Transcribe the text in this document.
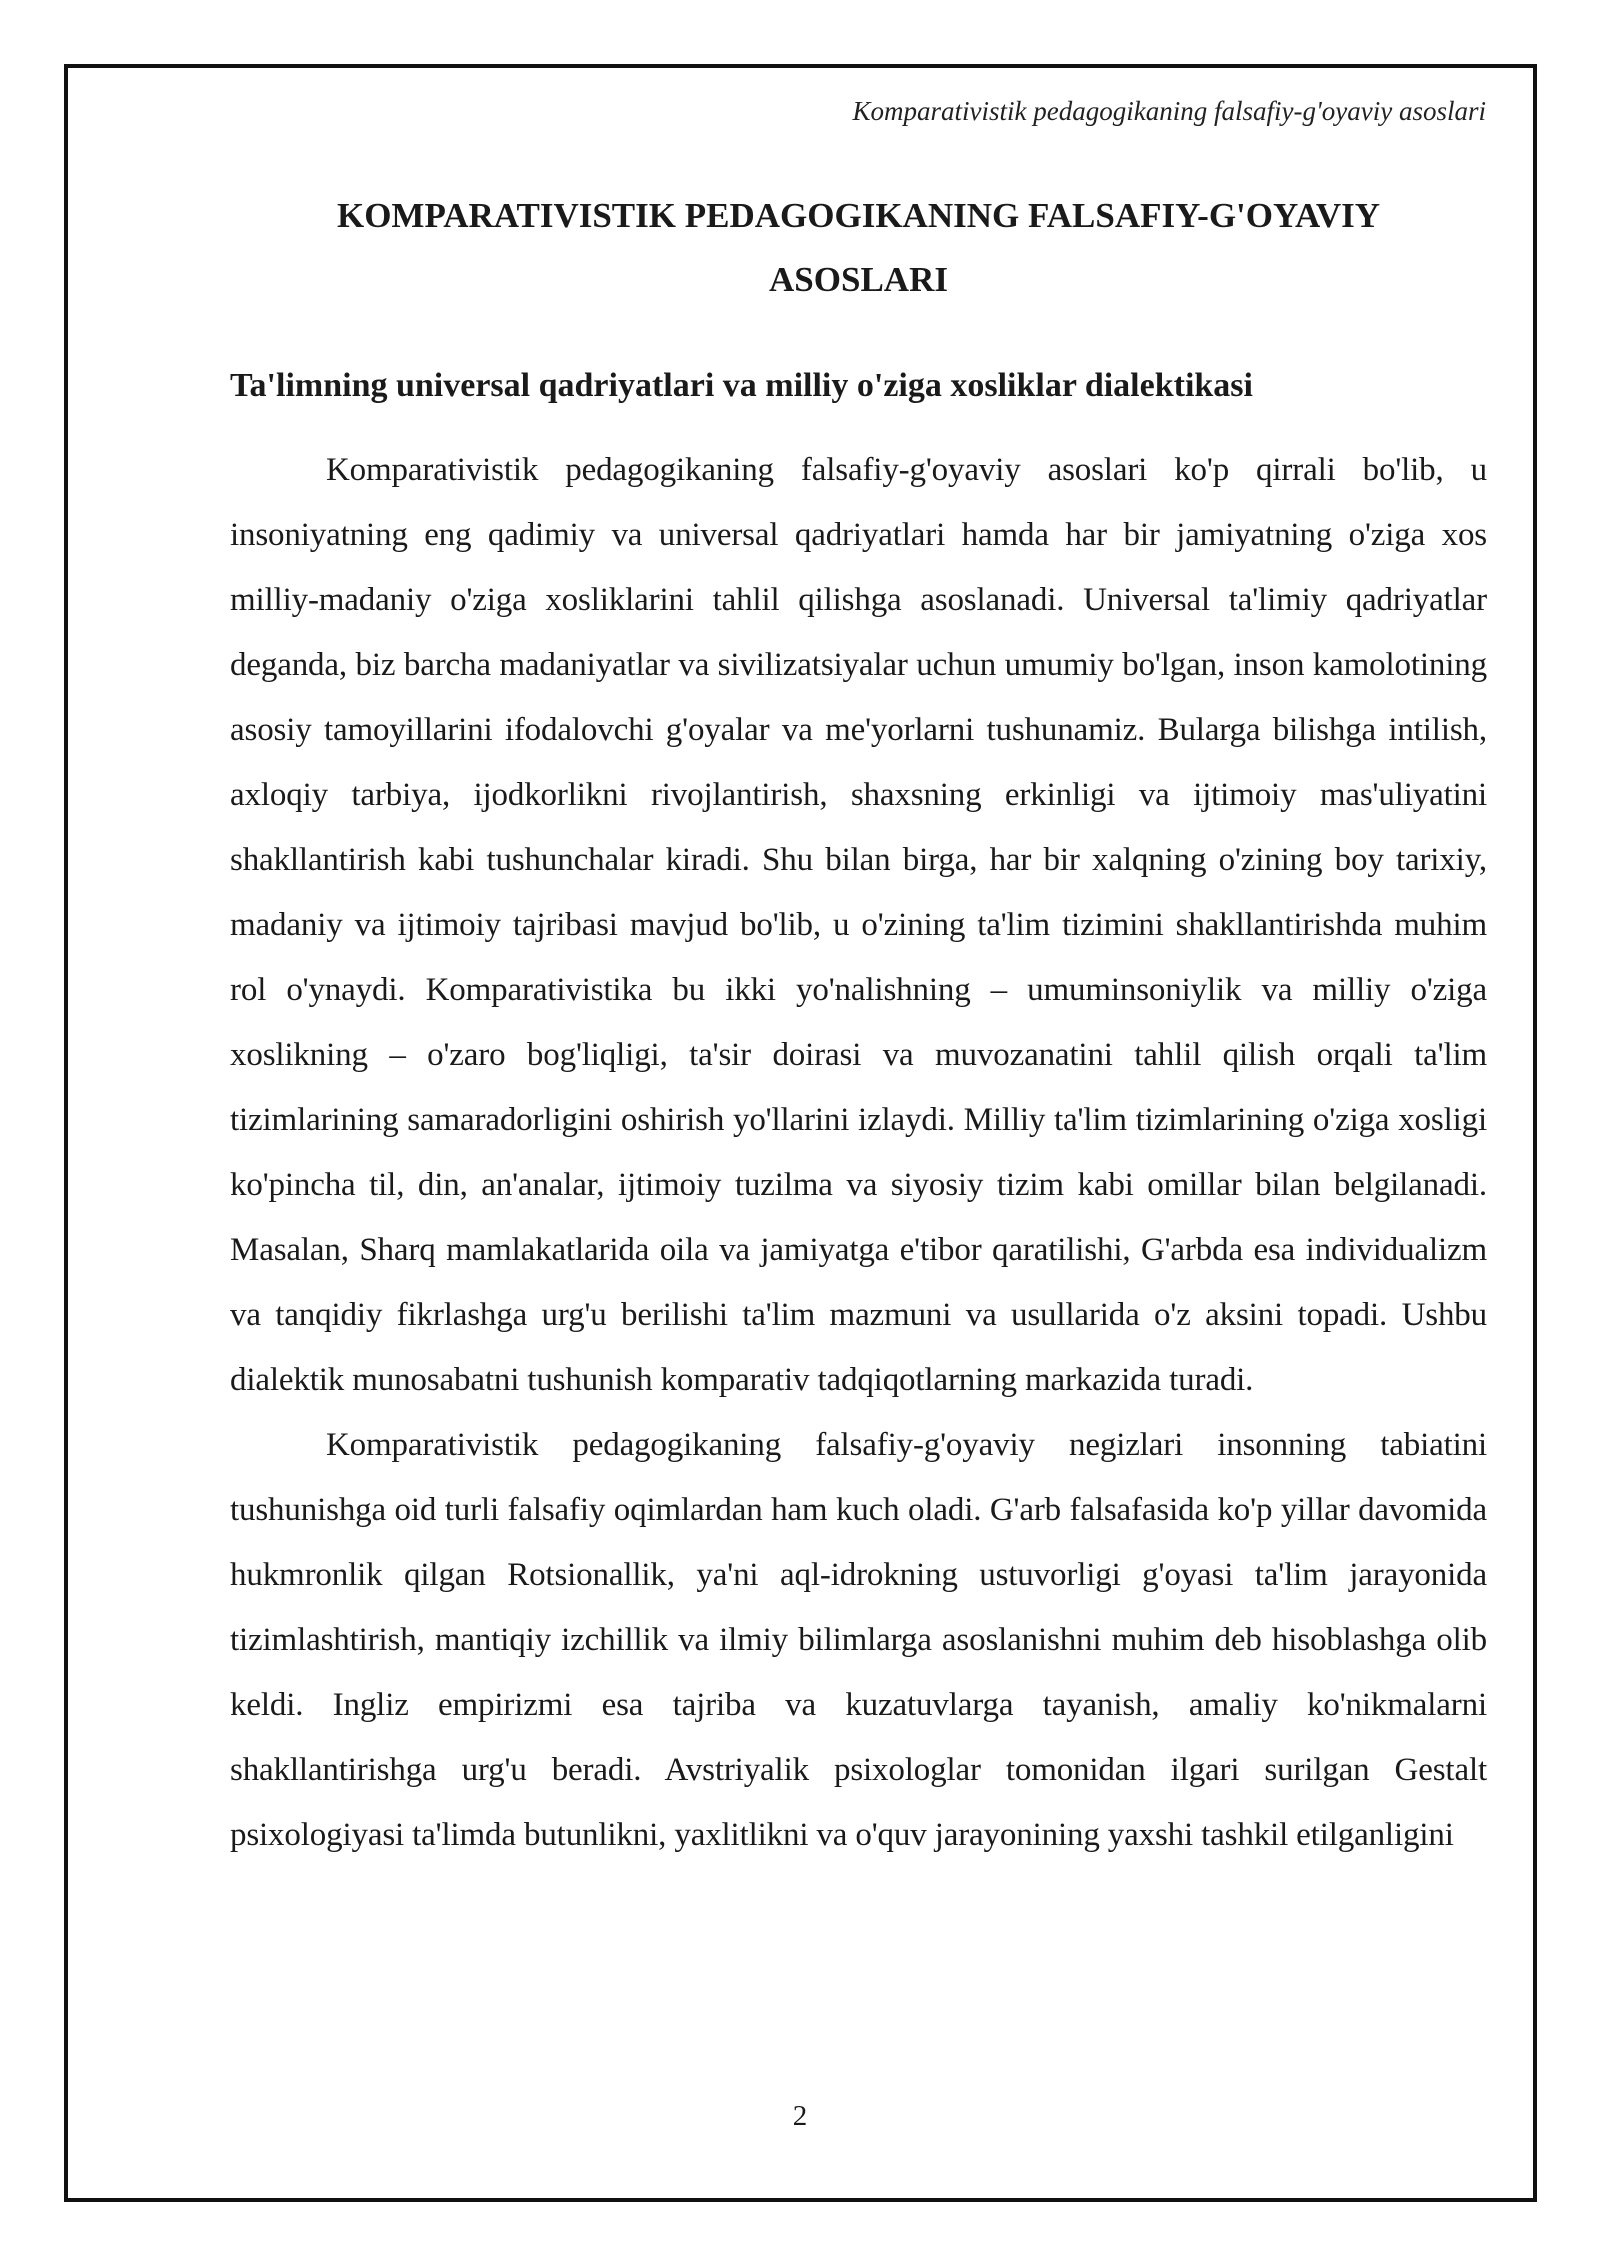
Komparativistik pedagogikaning falsafiy-g'oyaviy asoslari
KOMPARATIVISTIK PEDAGOGIKANING FALSAFIY-G'OYAVIY
ASOSLARI
Ta'limning universal qadriyatlari va milliy o'ziga xosliklar dialektikasi

Komparativistik pedagogikaning falsafiy-g'oyaviy asoslari ko'p qirrali bo'lib, u insoniyatning eng qadimiy va universal qadriyatlari hamda har bir jamiyatning o'ziga xos milliy-madaniy o'ziga xosliklarini tahlil qilishga asoslanadi. Universal ta'limiy qadriyatlar deganda, biz barcha madaniyatlar va sivilizatsiyalar uchun umumiy bo'lgan, inson kamolotining asosiy tamoyillarini ifodalovchi g'oyalar va me'yorlarni tushunamiz. Bularga bilishga intilish, axloqiy tarbiya, ijodkorlikni rivojlantirish, shaxsning erkinligi va ijtimoiy mas'uliyatini shakllantirish kabi tushunchalar kiradi. Shu bilan birga, har bir xalqning o'zining boy tarixiy, madaniy va ijtimoiy tajribasi mavjud bo'lib, u o'zining ta'lim tizimini shakllantirishda muhim rol o'ynaydi. Komparativistika bu ikki yo'nalishning – umuminsoniylik va milliy o'ziga xoslikning – o'zaro bog'liqligi, ta'sir doirasi va muvozanatini tahlil qilish orqali ta'lim tizimlarining samaradorligini oshirish yo'llarini izlaydi. Milliy ta'lim tizimlarining o'ziga xosligi ko'pincha til, din, an'analar, ijtimoiy tuzilma va siyosiy tizim kabi omillar bilan belgilanadi. Masalan, Sharq mamlakatlarida oila va jamiyatga e'tibor qaratilishi, G'arbda esa individualizm va tanqidiy fikrlashga urg'u berilishi ta'lim mazmuni va usullarida o'z aksini topadi. Ushbu dialektik munosabatni tushunish komparativ tadqiqotlarning markazida turadi.

Komparativistik pedagogikaning falsafiy-g'oyaviy negizlari insonning tabiatini tushunishga oid turli falsafiy oqimlardan ham kuch oladi. G'arb falsafasida ko'p yillar davomida hukmronlik qilgan Rotsionallik, ya'ni aql-idrokning ustuvorligi g'oyasi ta'lim jarayonida tizimlashtirish, mantiqiy izchillik va ilmiy bilimlarga asoslanishni muhim deb hisoblashga olib keldi. Ingliz empirizmi esa tajriba va kuzatuvlarga tayanish, amaliy ko'nikmalarni shakllantirishga urg'u beradi. Avstriyalik psixologlar tomonidan ilgari surilgan Gestalt psixologiyasi ta'limda butunlikni, yaxlitlikni va o'quv jarayonining yaxshi tashkil etilganligini

2
